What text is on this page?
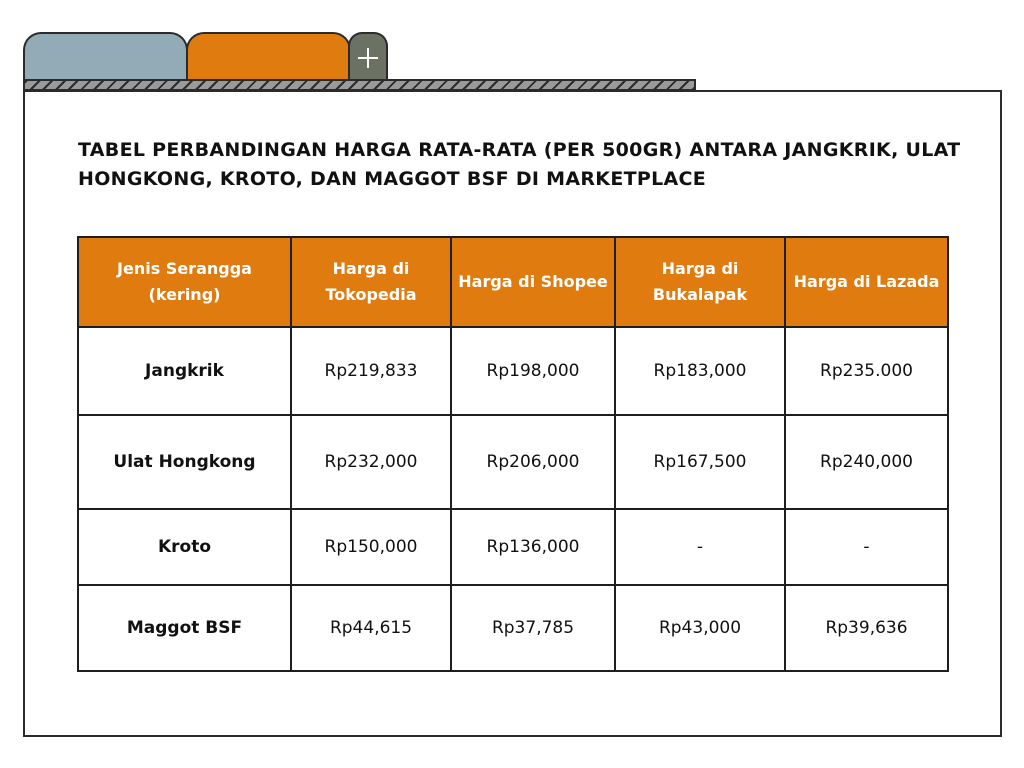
TABEL PERBANDINGAN HARGA RATA-RATA (PER 500GR) ANTARA JANGKRIK, ULAT HONGKONG, KROTO, DAN MAGGOT BSF DI MARKETPLACE
Jenis Serangga (kering)	Harga di Tokopedia	Harga di Shopee	Harga di Bukalapak	Harga di Lazada
Jangkrik	Rp219,833	Rp198,000	Rp183,000	Rp235.000
Ulat Hongkong	Rp232,000	Rp206,000	Rp167,500	Rp240,000
Kroto	Rp150,000	Rp136,000	-	-
Maggot BSF	Rp44,615	Rp37,785	Rp43,000	Rp39,636
